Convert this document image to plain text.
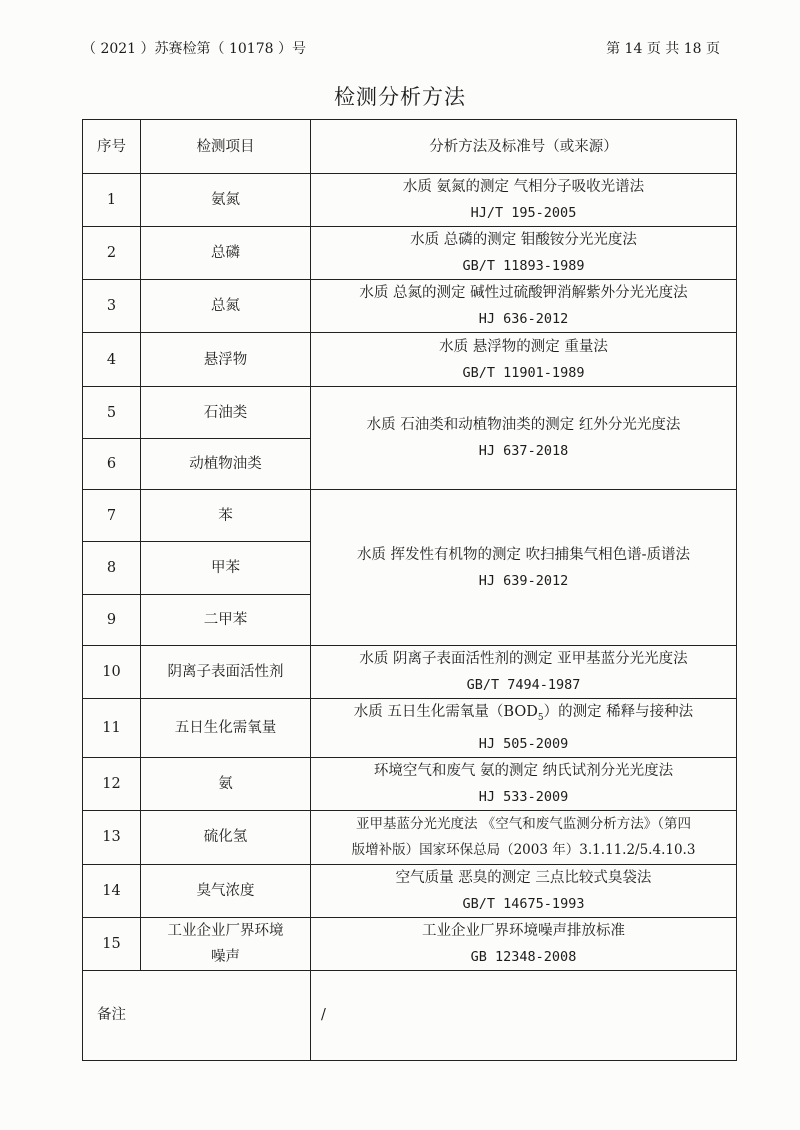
（ 2021 ）苏赛检第（ 10178 ）号	第 14 页 共 18 页
检测分析方法
序号	检测项目	分析方法及标准号（或来源）
1	氨氮	水质 氨氮的测定 气相分子吸收光谱法
HJ/T 195-2005

2	总磷	水质 总磷的测定 钼酸铵分光光度法
GB/T 11893-1989

3	总氮	水质 总氮的测定 碱性过硫酸钾消解紫外分光光度法
HJ 636-2012

4	悬浮物	水质 悬浮物的测定 重量法
GB/T 11901-1989

5	石油类	水质 石油类和动植物油类的测定 红外分光光度法
HJ 637-2018

6	动植物油类	
7	苯	水质 挥发性有机物的测定 吹扫捕集气相色谱-质谱法
HJ 639-2012

8	甲苯	
9	二甲苯	
10	阴离子表面活性剂	水质 阴离子表面活性剂的测定 亚甲基蓝分光光度法
GB/T 7494-1987

11	五日生化需氧量	水质 五日生化需氧量$(BOD_5)$的测定 稀释与接种法
HJ 505-2009

12	氨	环境空气和废气 氨的测定 纳氏试剂分光光度法
HJ 533-2009

13	硫化氢	亚甲基蓝分光光度法 《空气和废气监测分析方法》（第四
版增补版）国家环保总局（2003 年）3.1.11.2/5.4.10.3

14	臭气浓度	空气质量 恶臭的测定 三点比较式臭袋法
GB/T 14675-1993

15	工业企业厂界环境噪声	工业企业厂界环境噪声排放标准
GB 12348-2008

备注		/
